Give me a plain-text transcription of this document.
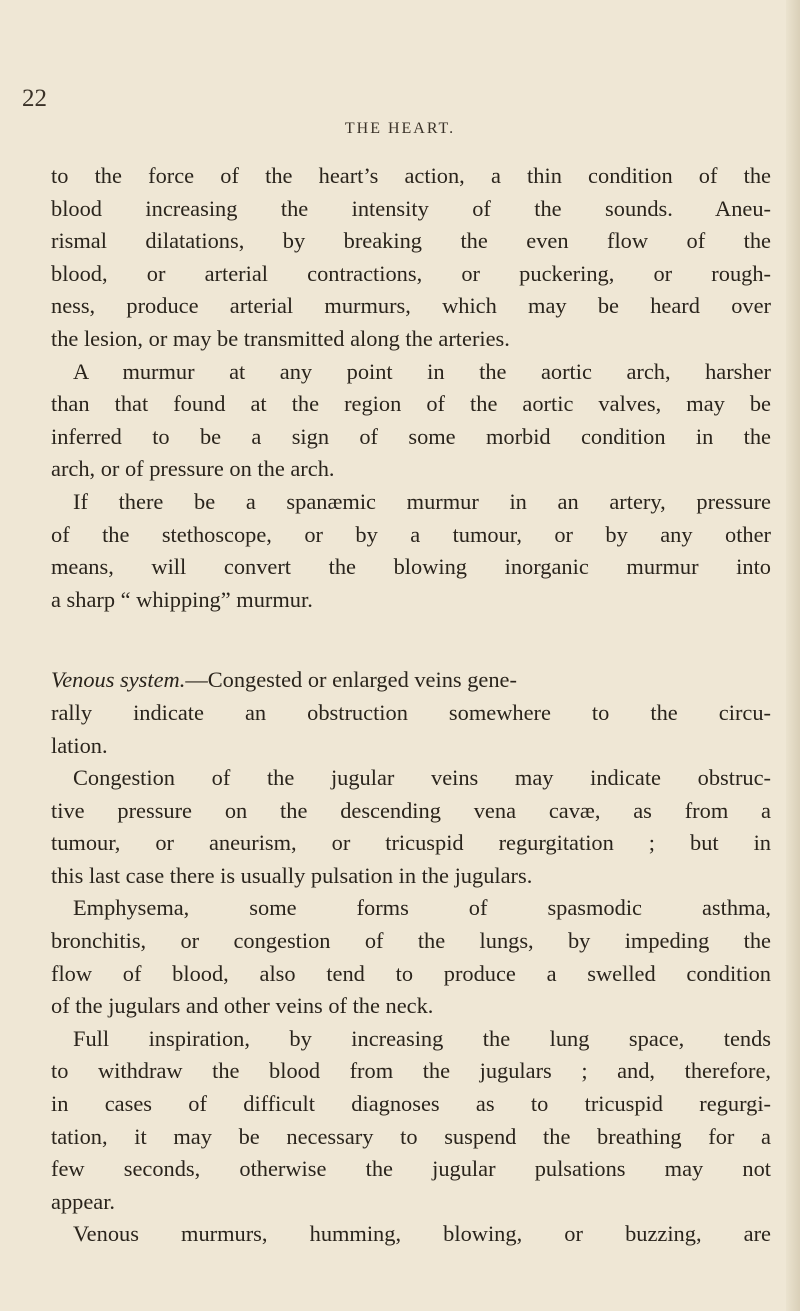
22
THE HEART.
to the force of the heart’s action, a thin condition of the
blood increasing the intensity of the sounds. Aneu-
rismal dilatations, by breaking the even flow of the
blood, or arterial contractions, or puckering, or rough-
ness, produce arterial murmurs, which may be heard over
the lesion, or may be transmitted along the arteries.
A murmur at any point in the aortic arch, harsher
than that found at the region of the aortic valves, may be
inferred to be a sign of some morbid condition in the
arch, or of pressure on the arch.
If there be a spanæmic murmur in an artery, pressure
of the stethoscope, or by a tumour, or by any other
means, will convert the blowing inorganic murmur into
a sharp “ whipping” murmur.
Venous system.—Congested or enlarged veins gene-
rally indicate an obstruction somewhere to the circu-
lation.
Congestion of the jugular veins may indicate obstruc-
tive pressure on the descending vena cavæ, as from a
tumour, or aneurism, or tricuspid regurgitation ; but in
this last case there is usually pulsation in the jugulars.
Emphysema, some forms of spasmodic asthma,
bronchitis, or congestion of the lungs, by impeding the
flow of blood, also tend to produce a swelled condition
of the jugulars and other veins of the neck.
Full inspiration, by increasing the lung space, tends
to withdraw the blood from the jugulars ; and, therefore,
in cases of difficult diagnoses as to tricuspid regurgi-
tation, it may be necessary to suspend the breathing for a
few seconds, otherwise the jugular pulsations may not
appear.
Venous murmurs, humming, blowing, or buzzing, are
